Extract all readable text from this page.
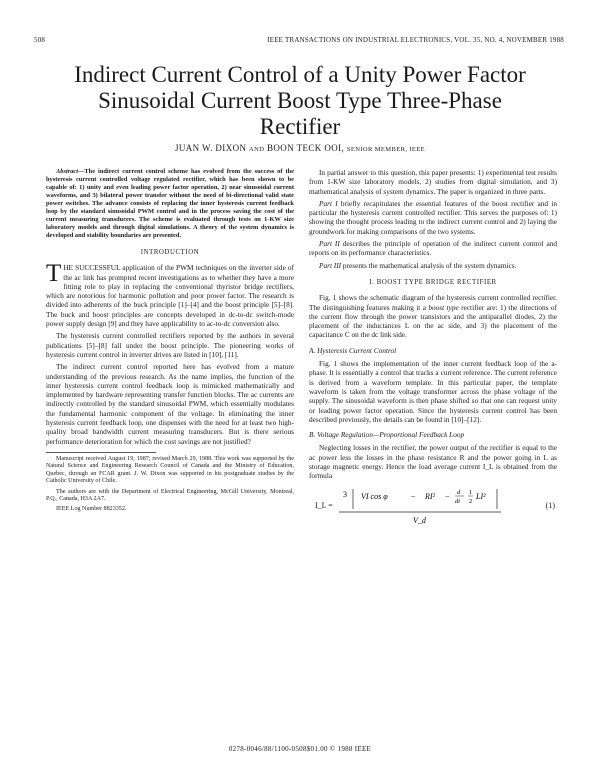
508	IEEE TRANSACTIONS ON INDUSTRIAL ELECTRONICS, VOL. 35, NO. 4, NOVEMBER 1988
Indirect Current Control of a Unity Power Factor
Sinusoidal Current Boost Type Three-Phase
Rectifier
JUAN W. DIXON AND BOON TECK OOI, SENIOR MEMBER, IEEE

Abstract—The indirect current control scheme has evolved from the success of the hysteresis current controlled voltage regulated rectifier, which has been shown to be capable of: 1) unity and even leading power factor operation, 2) near sinusoidal current waveforms, and 3) bilateral power transfer without the need of bi-directional valid state power switches. The advance consists of replacing the inner hysteresis current feedback loop by the standard sinusoidal PWM control and in the process saving the cost of the current measuring transducers. The scheme is evaluated through tests on 1-KW size laboratory models and through digital simulations. A theory of the system dynamics is developed and stability boundaries are presented.

INTRODUCTION

THE SUCCESSFUL application of the PWM techniques on the inverter side of the ac link has prompted recent investigations as to whether they have a more fitting role to play in replacing the conventional thyristor bridge rectifiers, which are notorious for harmonic pollution and poor power factor. The research is divided into adherents of the buck principle [1]–[4] and the boost principle [5]–[8]. The buck and boost principles are concepts developed in dc-to-dc switch-mode power supply design [9] and they have applicability to ac-to-dc conversion also.

The hysteresis current controlled rectifiers reported by the authors in several publications [5]–[8] fall under the boost principle. The pioneering works of hysteresis current control in inverter drives are listed in [10], [11].

The indirect current control reported here has evolved from a mature understanding of the previous research. As the name implies, the function of the inner hysteresis current control feedback loop is mimicked mathematically and implemented by hardware representing transfer function blocks. The ac currents are indirectly controlled by the standard sinusoidal PWM, which essentially modulates the fundamental harmonic component of the voltage. In eliminating the inner hysteresis current feedback loop, one dispenses with the need for at least two high-quality broad bandwidth current measuring transducers. But is there serious performance deterioration for which the cost savings are not justified?

Manuscript received August 19, 1987; revised March 29, 1988. This work was supported by the Natural Science and Engineering Research Council of Canada and the Ministry of Education, Quebec, through an FCAR grant. J. W. Dixon was supported in his postgraduate studies by the Catholic University of Chile.

The authors are with the Department of Electrical Engineering, McGill University, Montreal, P.Q., Canada, H3A 2A7.

IEEE Log Number 8823352.

In partial answer to this question, this paper presents: 1) experimental test results from 1-KW size laboratory models, 2) studies from digital simulation, and 3) mathematical analysis of system dynamics. The paper is organized in three parts.

Part I briefly recapitulates the essential features of the boost rectifier and in particular the hysteresis current controlled rectifier. This serves the purposes of: 1) showing the thought process leading to the indirect current control and 2) laying the groundwork for making comparisons of the two systems.

Part II describes the principle of operation of the indirect current control and reports on its performance characteristics.

Part III presents the mathematical analysis of the system dynamics.

I. BOOST TYPE BRIDGE RECTIFIER

Fig. 1 shows the schematic diagram of the hysteresis current controlled rectifier. The distinguishing features making it a boost type rectifier are: 1) the directions of the current flow through the power transistors and the antiparallel diodes, 2) the placement of the inductances L on the ac side, and 3) the placement of the capacitance C on the dc link side.

A. Hysteresis Current Control

Fig. 1 shows the implementation of the inner current feedback loop of the a-phase. It is essentially a control that tracks a current reference. The current reference is derived from a waveform template. In this particular paper, the template waveform is taken from the voltage transformer across the phase voltage of the supply. The sinusoidal waveform is then phase shifted so that one can request unity or leading power factor operation. Since the hysteresis current control has been described previously, the details can be found in [10]–[12].

B. Voltage Regulation—Proportional Feedback Loop

Neglecting losses in the rectifier, the power output of the rectifier is equal to the ac power less the losses in the phase resistance R and the power going in L as storage magnetic energy. Hence the load average current I_L is obtained from the formula

I_L =
3 VI cos φ	− RI² − d
dt
1
2
LI²
V_d
(1)
0278-0046/88/1100-0508$01.00 © 1988 IEEE
